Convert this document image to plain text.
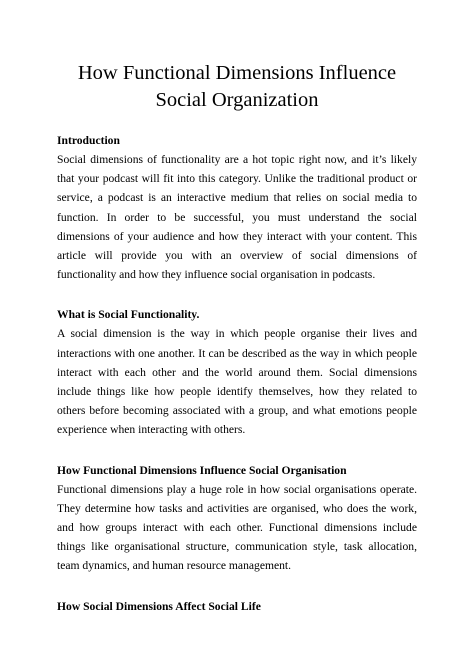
How Functional Dimensions Influence
Social Organization

Introduction

Social dimensions of functionality are a hot topic right now, and it’s likely that your podcast will fit into this category. Unlike the traditional product or service, a podcast is an interactive medium that relies on social media to function. In order to be successful, you must understand the social dimensions of your audience and how they interact with your content. This article will provide you with an overview of social dimensions of functionality and how they influence social organisation in podcasts.

What is Social Functionality.

A social dimension is the way in which people organise their lives and interactions with one another. It can be described as the way in which people interact with each other and the world around them. Social dimensions include things like how people identify themselves, how they related to others before becoming associated with a group, and what emotions people experience when interacting with others.

How Functional Dimensions Influence Social Organisation

Functional dimensions play a huge role in how social organisations operate. They determine how tasks and activities are organised, who does the work, and how groups interact with each other. Functional dimensions include things like organisational structure, communication style, task allocation, team dynamics, and human resource management.

How Social Dimensions Affect Social Life
